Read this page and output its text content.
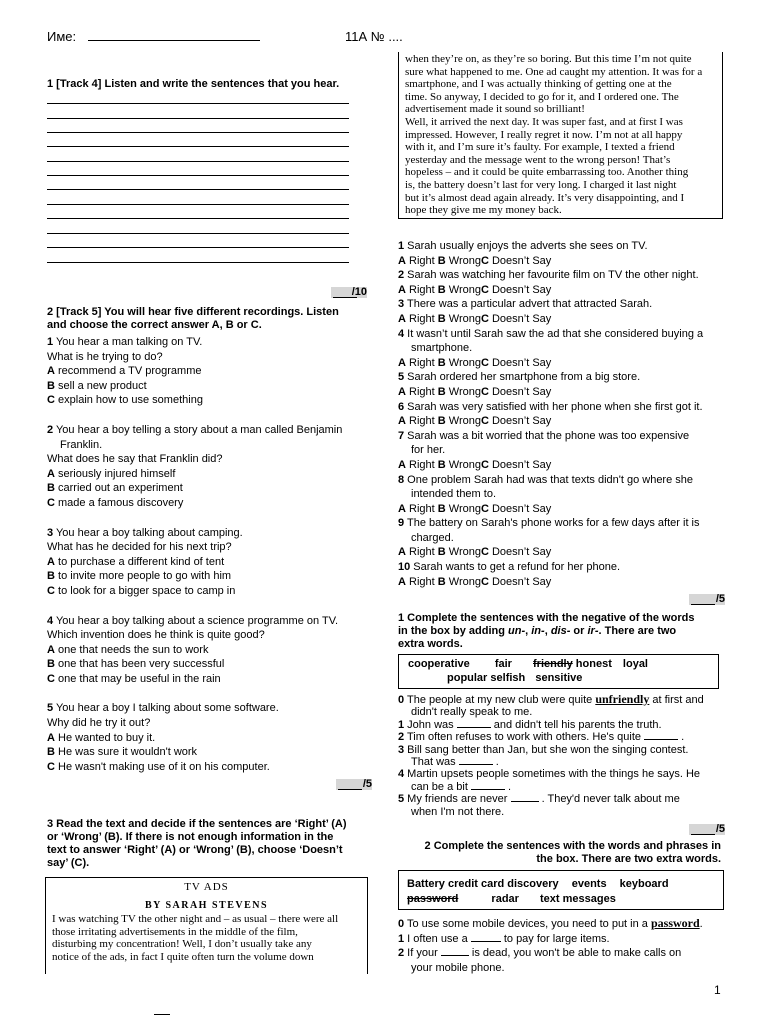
Име:	11А № ....
1 [Track 4] Listen and write the sentences that you hear.
/10
2 [Track 5] You will hear five different recordings. Listen
and choose the correct answer A, B or C.
1 You hear a man talking on TV.
What is he trying to do?
A recommend a TV programme
B sell a new product
C explain how to use something
2 You hear a boy telling a story about a man called Benjamin
Franklin.
What does he say that Franklin did?
A seriously injured himself
B carried out an experiment
C made a famous discovery
3 You hear a boy talking about camping.
What has he decided for his next trip?
A to purchase a different kind of tent
B to invite more people to go with him
C to look for a bigger space to camp in
4 You hear a boy talking about a science programme on TV.
Which invention does he think is quite good?
A one that needs the sun to work
B one that has been very successful
C one that may be useful in the rain
5 You hear a boy I talking about some software.
Why did he try it out?
A He wanted to buy it.
B He was sure it wouldn't work
C He wasn't making use of it on his computer.
/5
3 Read the text and decide if the sentences are ‘Right’ (A)
or ‘Wrong’ (B). If there is not enough information in the
text to answer ‘Right’ (A) or ‘Wrong’ (B), choose ‘Doesn’t
say’ (C).
TV ADS
BY SARAH STEVENS
I was watching TV the other night and – as usual – there were all
those irritating advertisements in the middle of the film,
disturbing my concentration! Well, I don’t usually take any
notice of the ads, in fact I quite often turn the volume down
when they’re on, as they’re so boring. But this time I’m not quite
sure what happened to me. One ad caught my attention. It was for a
smartphone, and I was actually thinking of getting one at the
time. So anyway, I decided to go for it, and I ordered one. The
advertisement made it sound so brilliant!
Well, it arrived the next day. It was super fast, and at first I was
impressed. However, I really regret it now. I’m not at all happy
with it, and I’m sure it’s faulty. For example, I texted a friend
yesterday and the message went to the wrong person! That’s
hopeless – and it could be quite embarrassing too. Another thing
is, the battery doesn’t last for very long. I charged it last night
but it’s almost dead again already. It’s very disappointing, and I
hope they give me my money back.
1 Sarah usually enjoys the adverts she sees on TV.
A Right B WrongC Doesn’t Say
2 Sarah was watching her favourite film on TV the other night.
A Right B WrongC Doesn’t Say
3 There was a particular advert that attracted Sarah.
A Right B WrongC Doesn’t Say
4 It wasn’t until Sarah saw the ad that she considered buying a
smartphone.
A Right B WrongC Doesn’t Say
5 Sarah ordered her smartphone from a big store.
A Right B WrongC Doesn’t Say
6 Sarah was very satisfied with her phone when she first got it.
A Right B WrongC Doesn’t Say
7 Sarah was a bit worried that the phone was too expensive
for her.
A Right B WrongC Doesn’t Say
8 One problem Sarah had was that texts didn't go where she
intended them to.
A Right B WrongC Doesn’t Say
9 The battery on Sarah's phone works for a few days after it is
charged.
A Right B WrongC Doesn’t Say
10 Sarah wants to get a refund for her phone.
A Right B WrongC Doesn’t Say
/5
1 Complete the sentences with the negative of the words
in the box by adding un-, in-, dis- or ir-. There are two
extra words.
cooperative fair friendly honest loyal
popular selfish sensitive
0 The people at my new club were quite unfriendly at first and
didn't really speak to me.
1 John was	and didn't tell his parents the truth.
2 Tim often refuses to work with others. He's quite	.
3 Bill sang better than Jan, but she won the singing contest.
That was	.
4 Martin upsets people sometimes with the things he says. He
can be a bit	.
5 My friends are never	. They'd never talk about me
when I'm not there.
/5
2 Complete the sentences with the words and phrases in
the box. There are two extra words.
Battery credit card discovery events keyboard
password	radar text messages
0 To use some mobile devices, you need to put in a password.
1 I often use a	to pay for large items.
2 If your	is dead, you won't be able to make calls on
your mobile phone.
1
